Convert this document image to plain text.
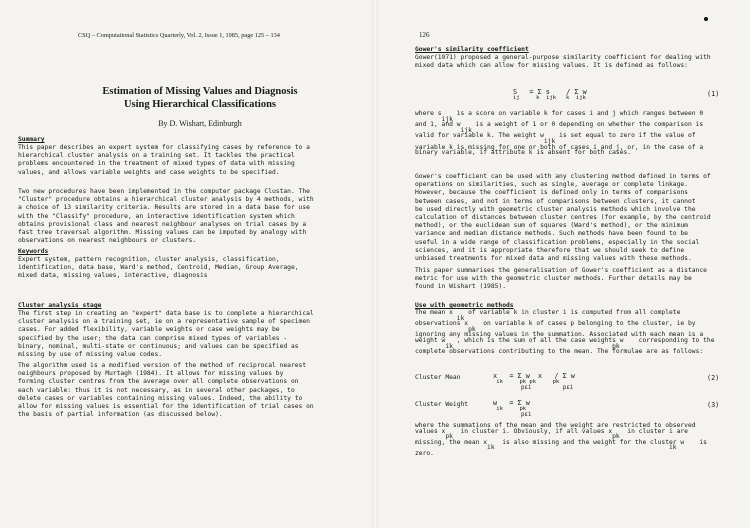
CSQ – Computational Statistics Quarterly, Vol. 2, Issue 1, 1985, page 125 – 134
Estimation of Missing Values and Diagnosis
Using Hierarchical Classifications
By D. Wishart, Edinburgh
Summary
This paper describes an expert system for classifying cases by reference to a
hierarchical cluster analysis on a training set. It tackles the practical
problems encountered in the treatment of mixed types of data with missing
values, and allows variable weights and case weights to be specified.
Two new procedures have been implemented in the computer package Clustan. The
"Cluster" procedure obtains a hierarchical cluster analysis by 4 methods, with
a choice of 13 similarity criteria. Results are stored in a data base for use
with the "Classify" procedure, an interactive identification system which
obtains provisional class and nearest neighbour analyses on trial cases by a
fast tree traversal algorithm. Missing values can be imputed by analogy with
observations on nearest neighbours or clusters.
Keywords
Expert system, pattern recognition, cluster analysis, classification,
identification, data base, Ward's method, Centroid, Median, Group Average,
mixed data, missing values, interactive, diagnosis
Cluster analysis stage
The first step in creating an "expert" data base is to complete a hierarchical
cluster analysis on a training set, ie on a representative sample of specimen
cases. For added flexibility, variable weights or case weights may be
specified by the user; the data can comprise mixed types of variables -
binary, nominal, multi-state or continuous; and values can be specified as
missing by use of missing value codes.
The algorithm used is a modified version of the method of reciprocal nearest
neighbours proposed by Murtagh (1984). It allows for missing values by
forming cluster centres from the average over all complete observations on
each variable: thus it is not necessary, as in several other packages, to
delete cases or variables containing missing values. Indeed, the ability to
allow for missing values is essential for the identification of trial cases on
the basis of partial information (as discussed below).
126
Gower's similarity coefficient
Gower(1971) proposed a general-purpose similarity coefficient for dealing with
mixed data which can allow for missing values. It is defined as follows:
S   = Σ s    / Σ w
ij     k  ijk   k  ijk	(1)
where s    is a score on variable k for cases i and j which ranges between 0
ijk
and 1, and w    is a weight of 1 or 0 depending on whether the comparison is
ijk
valid for variable k. The weight w    is set equal to zero if the value of
ijk
variable k is missing for one or both of cases i and j, or, in the case of a
binary variable, if attribute k is absent for both cases.
Gower's coefficient can be used with any clustering method defined in terms of
operations on similarities, such as single, average or complete linkage.
However, because the coefficient is defined only in terms of comparisons
between cases, and not in terms of comparisons between clusters, it cannot
be used directly with geometric cluster analysis methods which involve the
calculation of distances between cluster centres (for example, by the centroid
method), or the euclidean sum of squares (Ward's method), or the minimum
variance and median distance methods. Such methods have been found to be
useful in a wide range of classification problems, especially in the social
sciences, and it is appropriate therefore that we should seek to define
unbiased treatments for mixed data and missing values with these methods.
This paper summarises the generalisation of Gower's coefficient as a distance
metric for use with the geometric cluster methods. Further details may be
found in Wishart (1985).
Use with geometric methods
The mean x    of variable k in cluster i is computed from all complete
ik
observations x    on variable k of cases p belonging to the cluster, ie by
pk
ignoring any missing values in the summation. Associated with each mean is a
weight w   , which is the sum of all the case weights w    corresponding to the
ik                                          pk
complete observations contributing to the mean. The formulae are as follows:
Cluster Mean	x   = Σ w  x   / Σ w
ik     pk pk     pk
pεi         pεi
(2)
Cluster Weight	w   = Σ w
ik     pk
pεi
(3)
where the summations of the mean and the weight are restricted to observed
values x    in cluster i. Obviously, if all values x    in cluster i are
pk                                          pk
missing, the mean x    is also missing and the weight for the cluster w    is
ik                                              ik
zero.
